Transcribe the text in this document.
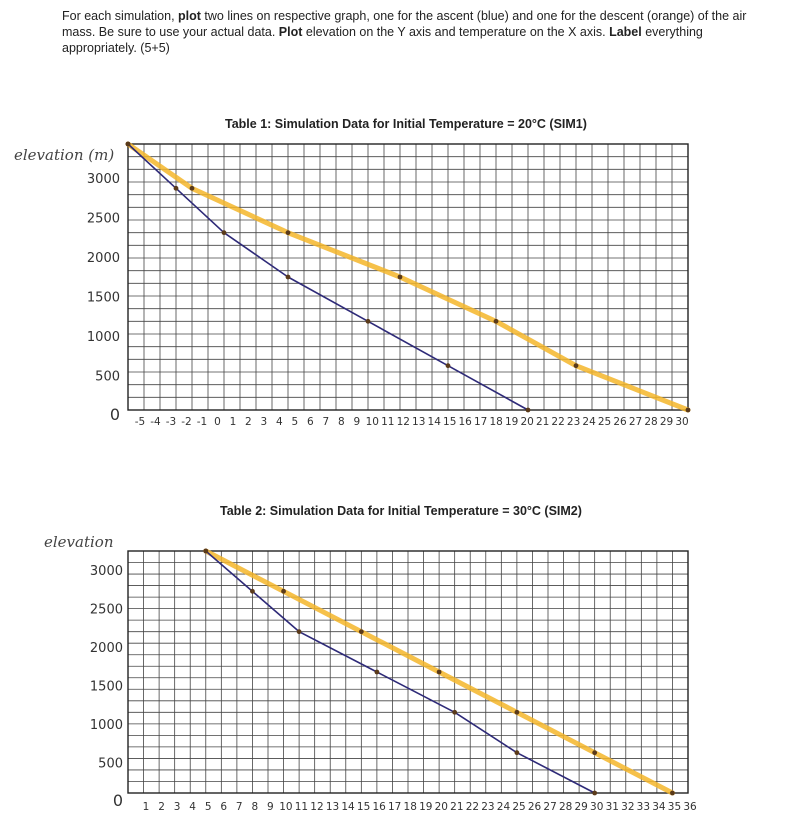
For each simulation, plot two lines on respective graph, one for the ascent (blue) and one for the descent (orange) of the air mass. Be sure to use your actual data. Plot elevation on the Y axis and temperature on the X axis. Label everything appropriately. (5+5)
Table 1: Simulation Data for Initial Temperature = 20°C (SIM1)
elevation (m)
Table 2: Simulation Data for Initial Temperature = 30°C (SIM2)
elevation
0
500
1000
1500
2000
2500
3000
-5 -4 -3 -2 -1 0 1 2 3 4 5 6 7 8 9 10 11 12 13 14 15 16 17 18 19 20 21 22 23 24 25 26 27 28 29 30
0
500
1000
1500
2000
2500
3000
1 2 3 4 5 6 7 8 9 10 11 12 13 14 15 16 17 18 19 20 21 22 23 24 25 26 27 28 29 30 31 32 33 34 35 36
